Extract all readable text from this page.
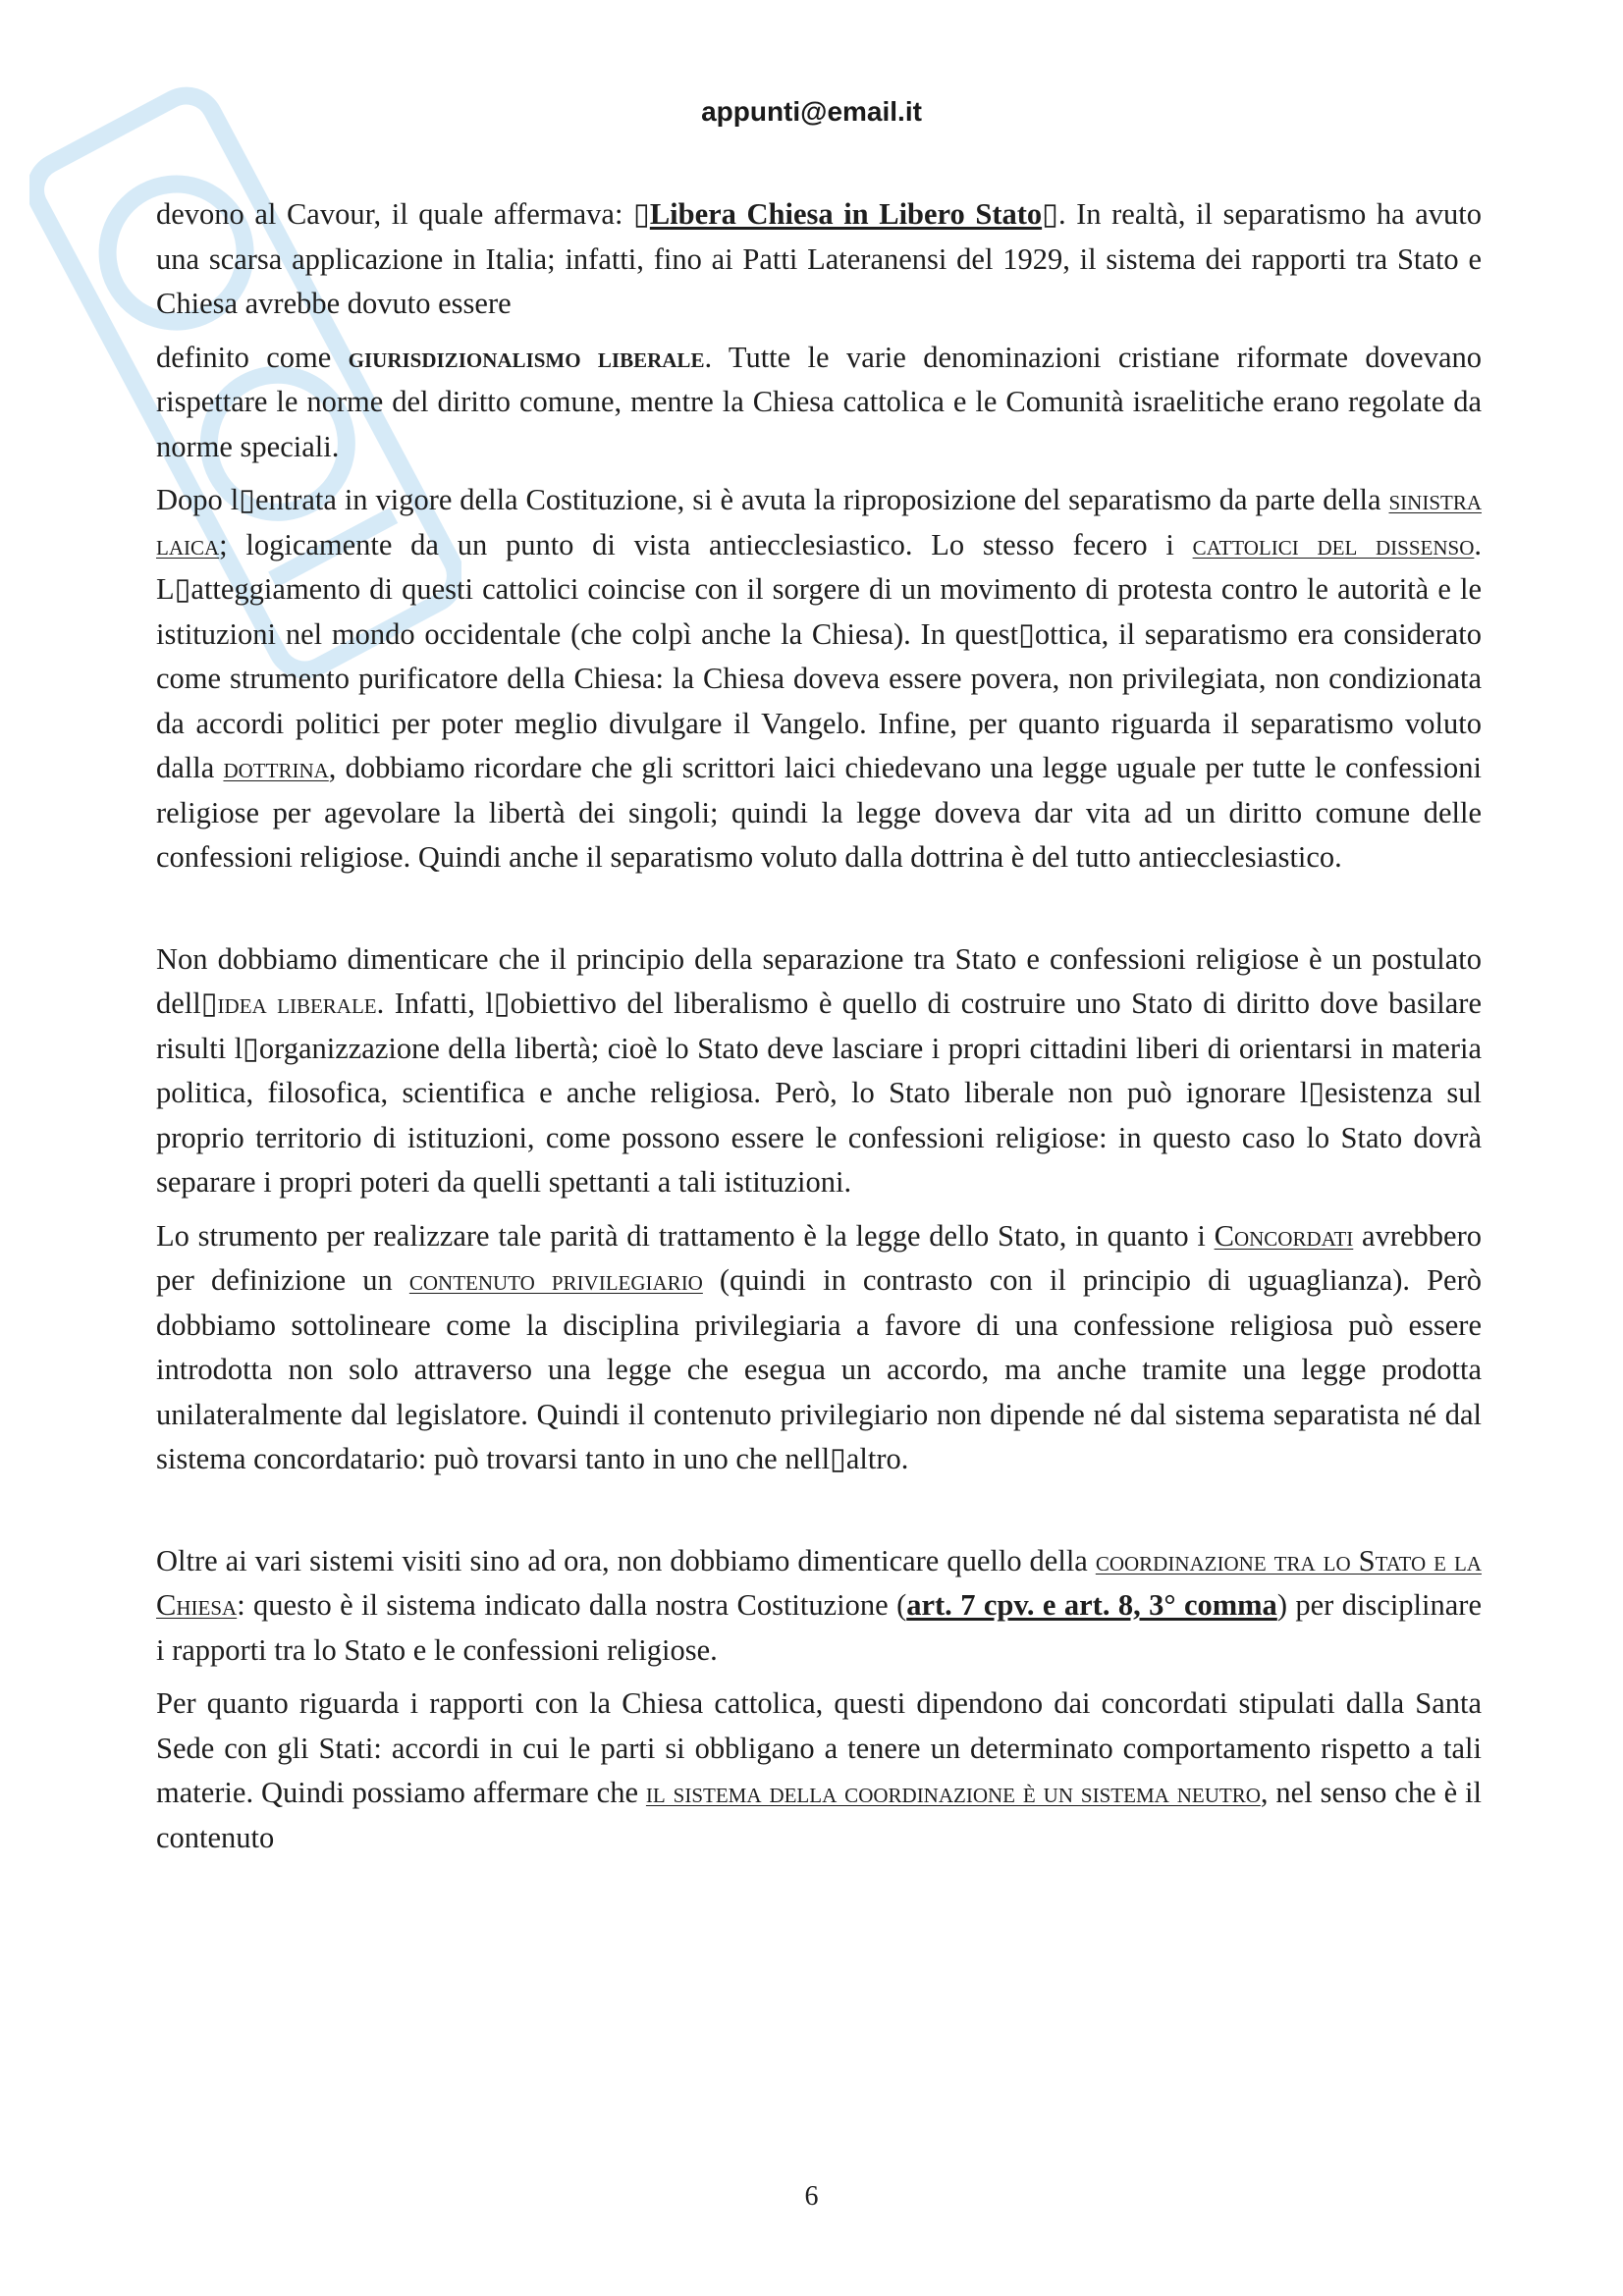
appunti@email.it

devono al Cavour, il quale affermava: ▯Libera Chiesa in Libero Stato▯. In realtà, il separatismo ha avuto una scarsa applicazione in Italia; infatti, fino ai Patti Lateranensi del 1929, il sistema dei rapporti tra Stato e Chiesa avrebbe dovuto essere

definito come giurisdizionalismo liberale. Tutte le varie denominazioni cristiane riformate dovevano rispettare le norme del diritto comune, mentre la Chiesa cattolica e le Comunità israelitiche erano regolate da norme speciali.

Dopo l▯entrata in vigore della Costituzione, si è avuta la riproposizione del separatismo da parte della sinistra laica; logicamente da un punto di vista antiecclesiastico. Lo stesso fecero i cattolici del dissenso. L▯atteggiamento di questi cattolici coincise con il sorgere di un movimento di protesta contro le autorità e le istituzioni nel mondo occidentale (che colpì anche la Chiesa). In quest▯ottica, il separatismo era considerato come strumento purificatore della Chiesa: la Chiesa doveva essere povera, non privilegiata, non condizionata da accordi politici per poter meglio divulgare il Vangelo. Infine, per quanto riguarda il separatismo voluto dalla dottrina, dobbiamo ricordare che gli scrittori laici chiedevano una legge uguale per tutte le confessioni religiose per agevolare la libertà dei singoli; quindi la legge doveva dar vita ad un diritto comune delle confessioni religiose. Quindi anche il separatismo voluto dalla dottrina è del tutto antiecclesiastico.

Non dobbiamo dimenticare che il principio della separazione tra Stato e confessioni religiose è un postulato dell▯idea liberale. Infatti, l▯obiettivo del liberalismo è quello di costruire uno Stato di diritto dove basilare risulti l▯organizzazione della libertà; cioè lo Stato deve lasciare i propri cittadini liberi di orientarsi in materia politica, filosofica, scientifica e anche religiosa. Però, lo Stato liberale non può ignorare l▯esistenza sul proprio territorio di istituzioni, come possono essere le confessioni religiose: in questo caso lo Stato dovrà separare i propri poteri da quelli spettanti a tali istituzioni.

Lo strumento per realizzare tale parità di trattamento è la legge dello Stato, in quanto i Concordati avrebbero per definizione un contenuto privilegiario (quindi in contrasto con il principio di uguaglianza). Però dobbiamo sottolineare come la disciplina privilegiaria a favore di una confessione religiosa può essere introdotta non solo attraverso una legge che esegua un accordo, ma anche tramite una legge prodotta unilateralmente dal legislatore. Quindi il contenuto privilegiario non dipende né dal sistema separatista né dal sistema concordatario: può trovarsi tanto in uno che nell▯altro.

Oltre ai vari sistemi visiti sino ad ora, non dobbiamo dimenticare quello della coordinazione tra lo Stato e la Chiesa: questo è il sistema indicato dalla nostra Costituzione (art. 7 cpv. e art. 8, 3° comma) per disciplinare i rapporti tra lo Stato e le confessioni religiose.

Per quanto riguarda i rapporti con la Chiesa cattolica, questi dipendono dai concordati stipulati dalla Santa Sede con gli Stati: accordi in cui le parti si obbligano a tenere un determinato comportamento rispetto a tali materie. Quindi possiamo affermare che il sistema della coordinazione è un sistema neutro, nel senso che è il contenuto

6
